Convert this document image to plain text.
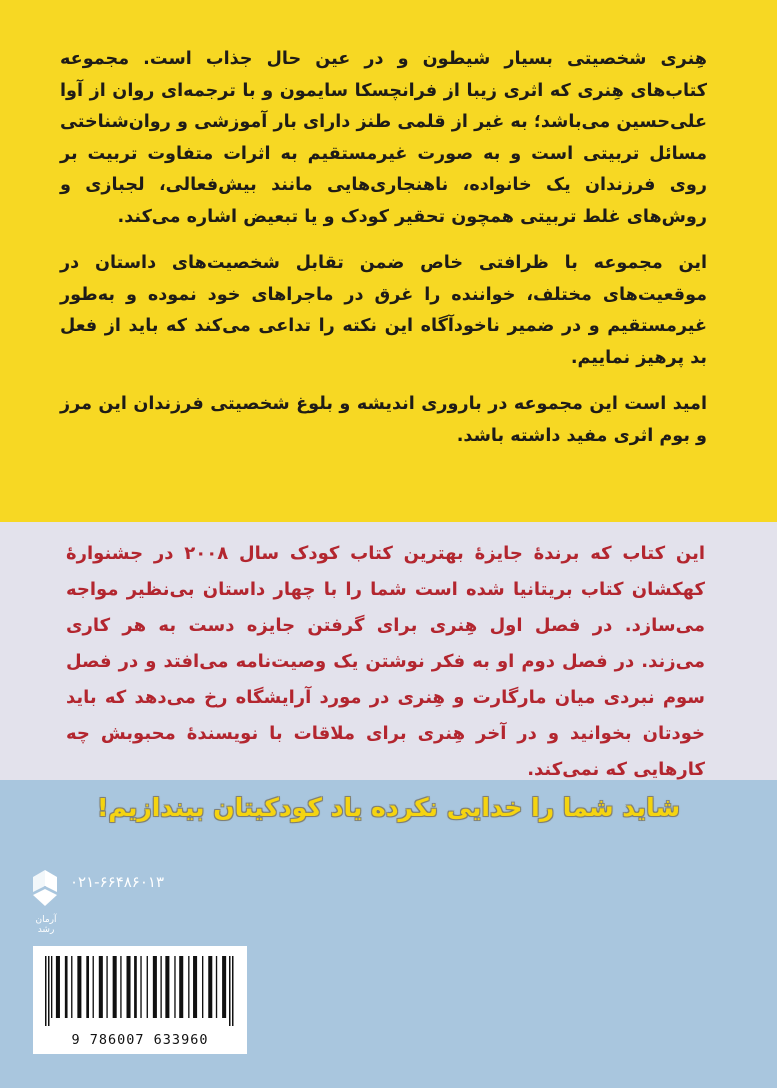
هِنری شخصیتی بسیار شیطون و در عین حال جذاب است. مجموعه کتاب‌های هِنری که اثری زیبا از فرانچسکا سایمون و با ترجمه‌ای روان از آوا علی‌حسین می‌باشد؛ به غیر از قلمی طنز دارای بار آموزشی و روان‌شناختی مسائل تربیتی است و به صورت غیرمستقیم به اثرات متفاوت تربیت بر روی فرزندان یک خانواده، ناهنجاری‌هایی مانند بیش‌فعالی، لجبازی و روش‌های غلط تربیتی همچون تحقیر کودک و یا تبعیض اشاره می‌کند.

این مجموعه با ظرافتی خاص ضمن تقابل شخصیت‌های داستان در موقعیت‌های مختلف، خواننده را غرق در ماجراهای خود نموده و به‌طور غیرمستقیم و در ضمیر ناخودآگاه این نکته را تداعی می‌کند که باید از فعل بد پرهیز نماییم.

امید است این مجموعه در باروری اندیشه و بلوغ شخصیتی فرزندان این مرز و بوم اثری مفید داشته باشد.

این کتاب که برندهٔ جایزهٔ بهترین کتاب کودک سال ۲۰۰۸ در جشنوارهٔ کهکشان کتاب بریتانیا شده است شما را با چهار داستان بی‌نظیر مواجه می‌سازد. در فصل اول هِنری برای گرفتن جایزه دست به هر کاری می‌زند. در فصل دوم او به فکر نوشتن یک وصیت‌نامه می‌افتد و در فصل سوم نبردی میان مارگارت و هِنری در مورد آرایشگاه رخ می‌دهد که باید خودتان بخوانید و در آخر هِنری برای ملاقات با نویسندهٔ محبوبش چه کارهایی که نمی‌کند.

شاید شما را خدایی نکرده یاد کودکیتان بیندازیم!
آرمان رشد
۰۲۱-۶۶۴۸۶۰۱۳
9 786007 633960
